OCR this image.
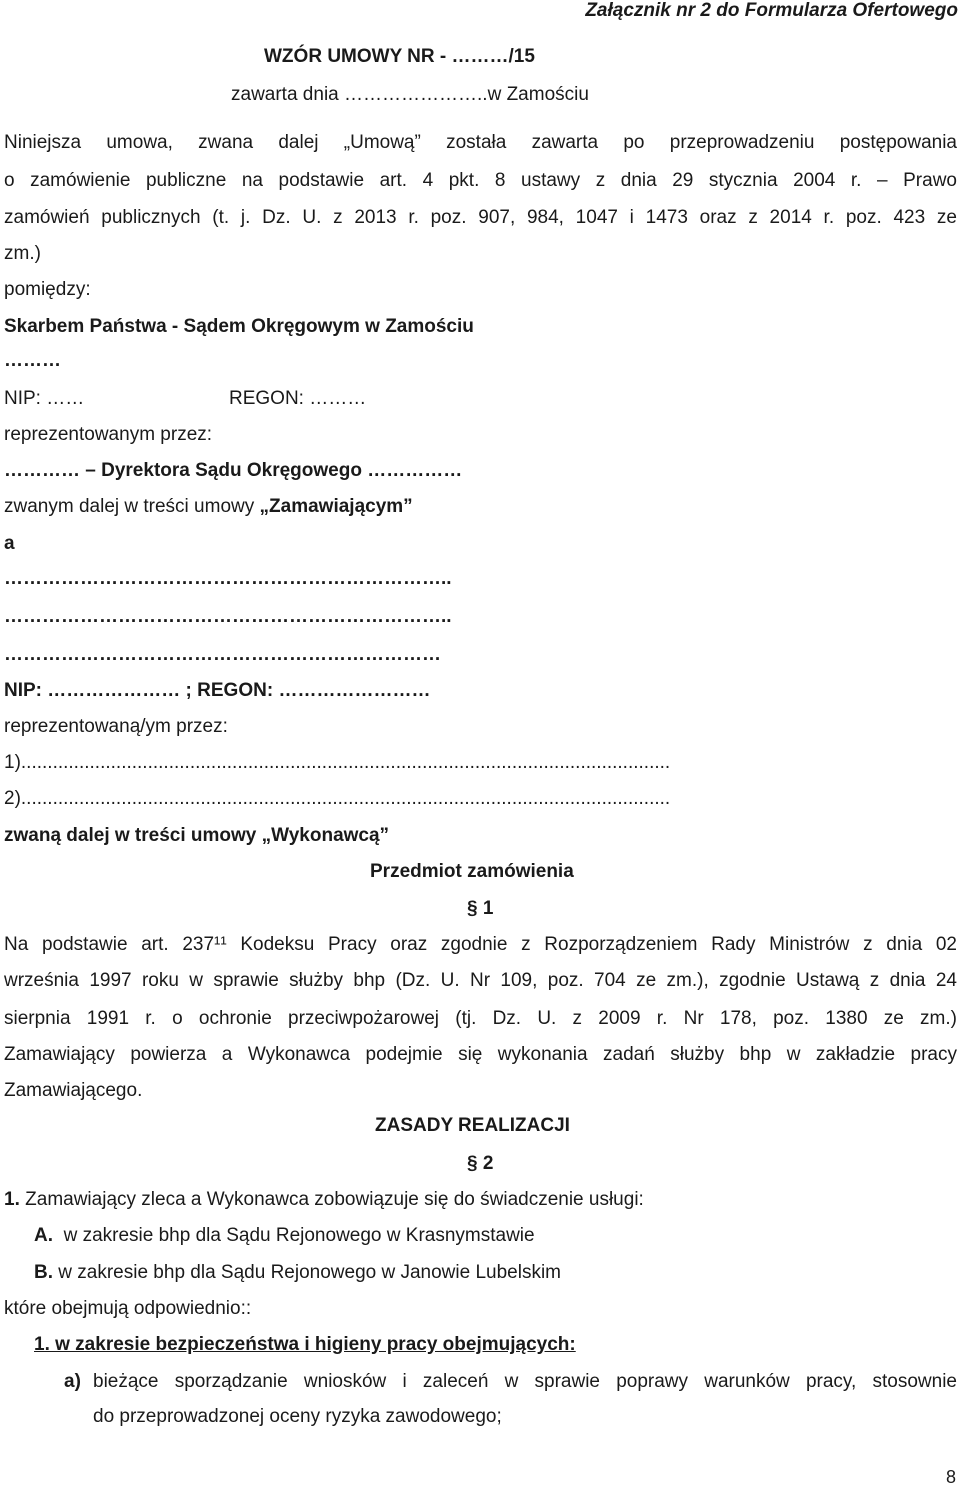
Załącznik nr 2 do Formularza Ofertowego
WZÓR UMOWY NR - ………/15
zawarta dnia …………………..w Zamościu
Niniejsza umowa, zwana dalej „Umową” została zawarta po przeprowadzeniu postępowania
o zamówienie publiczne na podstawie art. 4 pkt. 8 ustawy z dnia 29 stycznia 2004 r. – Prawo
zamówień publicznych (t. j. Dz. U. z 2013 r. poz. 907, 984, 1047 i 1473 oraz z 2014 r. poz. 423 ze
zm.)
pomiędzy:
Skarbem Państwa - Sądem Okręgowym w Zamościu
………
NIP: ……	REGON: ………
reprezentowanym przez:
………… – Dyrektora Sądu Okręgowego ……………
zwanym dalej w treści umowy „Zamawiającym”
a
……………………………………………………………..
……………………………………………………………..
……………………………………………………………
NIP: ………………… ; REGON: ……………………
reprezentowaną/ym przez:
1)...........................................................................................................................
2)...........................................................................................................................
zwaną dalej w treści umowy „Wykonawcą”
Przedmiot zamówienia
§ 1
Na podstawie art. 237¹¹ Kodeksu Pracy oraz zgodnie z Rozporządzeniem Rady Ministrów z dnia 02
września 1997 roku w sprawie służby bhp (Dz. U. Nr 109, poz. 704 ze zm.), zgodnie Ustawą z dnia 24
sierpnia 1991 r. o ochronie przeciwpożarowej (tj. Dz. U. z 2009 r. Nr 178, poz. 1380 ze zm.)
Zamawiający powierza a Wykonawca podejmie się wykonania zadań służby bhp w zakładzie pracy
Zamawiającego.
ZASADY REALIZACJI
§ 2
1. Zamawiający zleca a Wykonawca zobowiązuje się do świadczenie usługi:
A. w zakresie bhp dla Sądu Rejonowego w Krasnymstawie
B. w zakresie bhp dla Sądu Rejonowego w Janowie Lubelskim
które obejmują odpowiednio::
1. w zakresie bezpieczeństwa i higieny pracy obejmujących:
a) bieżące sporządzanie wniosków i zaleceń w sprawie poprawy warunków pracy, stosownie
do przeprowadzonej oceny ryzyka zawodowego;
8
